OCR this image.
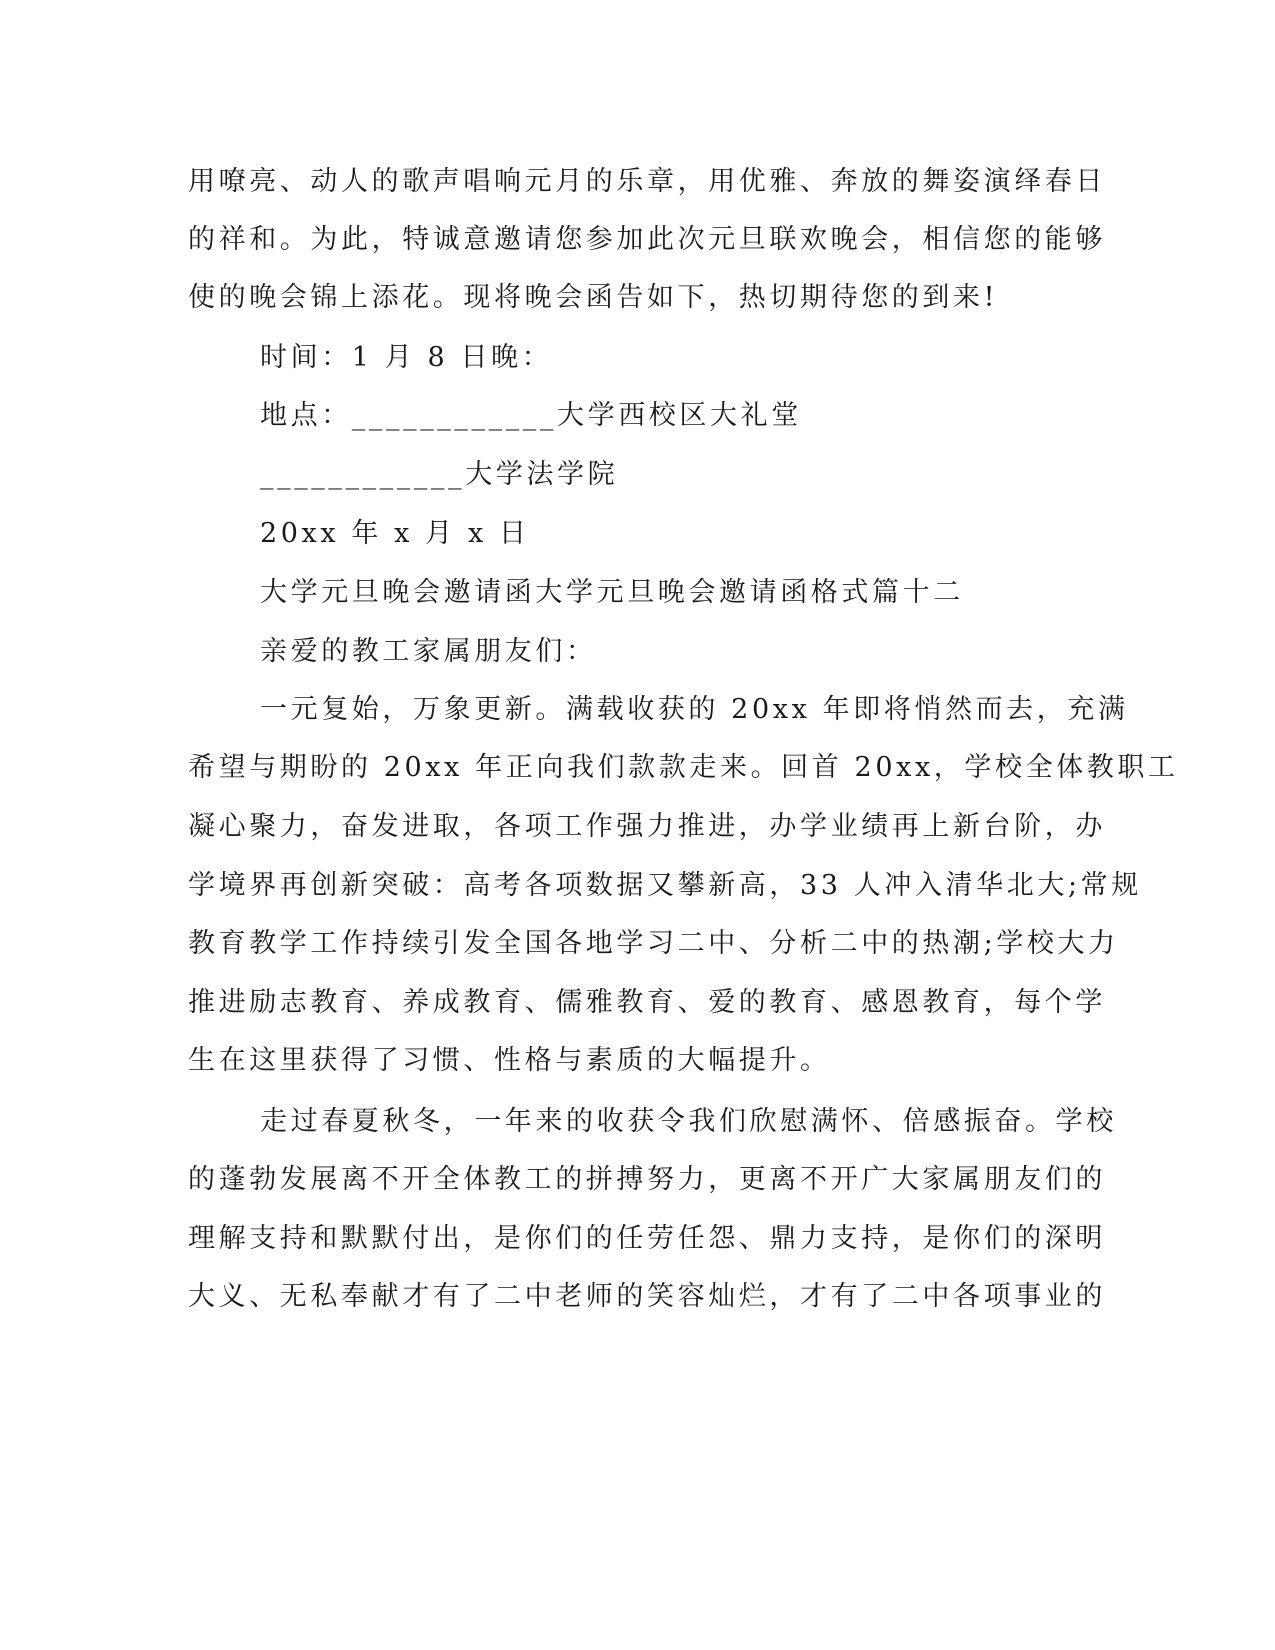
用嘹亮、动人的歌声唱响元月的乐章，用优雅、奔放的舞姿演绎春日
的祥和。为此，特诚意邀请您参加此次元旦联欢晚会，相信您的能够
使的晚会锦上添花。现将晚会函告如下，热切期待您的到来!
时间：1 月 8 日晚：
地点：____________大学西校区大礼堂
____________大学法学院
20xx 年 x 月 x 日
大学元旦晚会邀请函大学元旦晚会邀请函格式篇十二
亲爱的教工家属朋友们：
一元复始，万象更新。满载收获的 20xx 年即将悄然而去，充满
希望与期盼的 20xx 年正向我们款款走来。回首 20xx，学校全体教职工
凝心聚力，奋发进取，各项工作强力推进，办学业绩再上新台阶，办
学境界再创新突破：高考各项数据又攀新高，33 人冲入清华北大;常规
教育教学工作持续引发全国各地学习二中、分析二中的热潮;学校大力
推进励志教育、养成教育、儒雅教育、爱的教育、感恩教育，每个学
生在这里获得了习惯、性格与素质的大幅提升。
走过春夏秋冬，一年来的收获令我们欣慰满怀、倍感振奋。学校
的蓬勃发展离不开全体教工的拼搏努力，更离不开广大家属朋友们的
理解支持和默默付出，是你们的任劳任怨、鼎力支持，是你们的深明
大义、无私奉献才有了二中老师的笑容灿烂，才有了二中各项事业的
